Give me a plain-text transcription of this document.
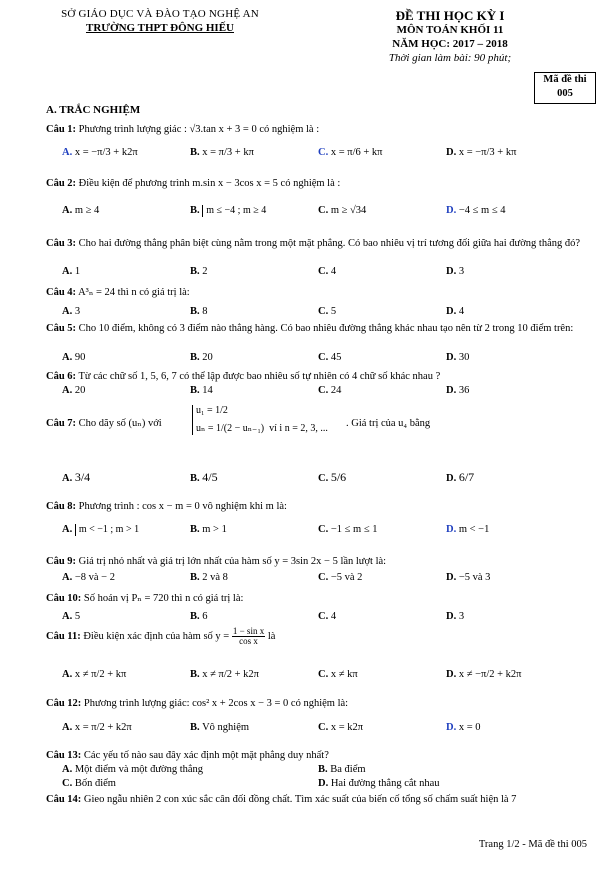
SỞ GIÁO DỤC VÀ ĐÀO TẠO NGHỆ AN
TRƯỜNG THPT ĐÔNG HIẾU
ĐỀ THI HỌC KỲ I
MÔN TOÁN KHỐI 11
NĂM HỌC: 2017 – 2018
Thời gian làm bài: 90 phút;
Mã đề thi
005
A. TRẮC NGHIỆM
Câu 1: Phương trình lượng giác : √3.tan x + 3 = 0 có nghiệm là :
A. x = −π/3 + k2π	B. x = π/3 + kπ	C. x = π/6 + kπ	D. x = −π/3 + kπ
Câu 2: Điều kiện để phương trình m.sin x − 3cos x = 5 có nghiệm là :
A. m ≥ 4	B. m ≤ −4 ; m ≥ 4	C. m ≥ √34	D. −4 ≤ m ≤ 4
Câu 3: Cho hai đường thẳng phân biệt cùng nằm trong một mặt phẳng. Có bao nhiêu vị trí tương đối giữa hai đường thẳng đó?
A. 1	B. 2	C. 4	D. 3
Câu 4: A³ₙ = 24 thì n có giá trị là:
A. 3	B. 8	C. 5	D. 4
Câu 5: Cho 10 điểm, không có 3 điểm nào thẳng hàng. Có bao nhiêu đường thẳng khác nhau tạo nên từ 2 trong 10 điểm trên:
A. 90	B. 20	C. 45	D. 30
Câu 6: Từ các chữ số 1, 5, 6, 7 có thể lập được bao nhiêu số tự nhiên có 4 chữ số khác nhau ?
A. 20	B. 14	C. 24	D. 36
Câu 7: Cho dãy số (uₙ) với
u₁ = 1/2
uₙ = 1/(2 − uₙ₋₁) ví i n = 2, 3, ...	. Giá trị của u₄ bằng
A. 3/4	B. 4/5	C. 5/6	D. 6/7
Câu 8: Phương trình : cos x − m = 0 vô nghiệm khi m là:
A. m < −1 ; m > 1	B. m > 1	C. −1 ≤ m ≤ 1	D. m < −1
Câu 9: Giá trị nhỏ nhất và giá trị lớn nhất của hàm số y = 3sin 2x − 5 lần lượt là:
A. −8 và − 2	B. 2 và 8	C. −5 và 2	D. −5 và 3
Câu 10: Số hoán vị Pₙ = 720 thì n có giá trị là:
A. 5	B. 6	C. 4	D. 3
Câu 11: Điều kiện xác định của hàm số $y = \frac{\text{1 − sin x}}{\text{cos x}}$ là
A. x ≠ π/2 + kπ	B. x ≠ π/2 + k2π	C. x ≠ kπ	D. x ≠ −π/2 + k2π
Câu 12: Phương trình lượng giác: cos² x + 2cos x − 3 = 0 có nghiệm là:
A. x = π/2 + k2π	B. Vô nghiệm	C. x = k2π	D. x = 0
Câu 13: Các yếu tố nào sau đây xác định một mặt phẳng duy nhất?
A. Một điểm và một đường thẳng	B. Ba điểm
C. Bốn điểm	D. Hai đường thẳng cắt nhau
Câu 14: Gieo ngẫu nhiên 2 con xúc sắc cân đối đồng chất. Tìm xác suất của biến cố tổng số chấm suất hiện là 7
Trang 1/2 - Mã đề thi 005
